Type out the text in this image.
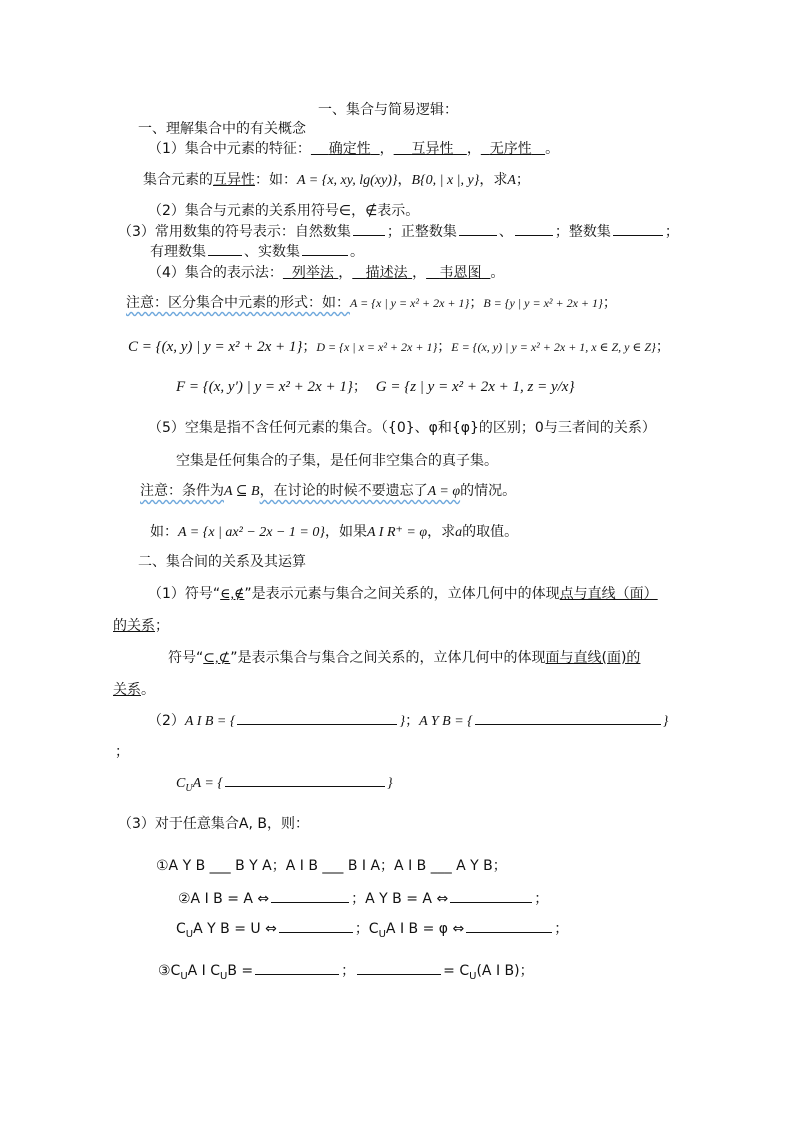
一、集合与简易逻辑：
一、理解集合中的有关概念
（1）集合中元素的特征： 确定性 ， 互异性 ， 无序性 。
集合元素的互异性：如：A = {x, xy, lg(xy)}，B{0, | x |, y}，求A；
（2）集合与元素的关系用符号∈，∉表示。
（3）常用数集的符号表示：自然数集	；正整数集	、	；整数集	；
有理数集	、实数集	。
（4）集合的表示法： 列举法 ， 描述法 ， 韦恩图 。
注意：区分集合中元素的形式：如：A = {x | y = x² + 2x + 1}；B = {y | y = x² + 2x + 1}；
C = {(x, y) | y = x² + 2x + 1}；D = {x | x = x² + 2x + 1}；E = {(x, y) | y = x² + 2x + 1, x ∈ Z, y ∈ Z}；
F = {(x, y′) | y = x² + 2x + 1}；  G = {z | y = x² + 2x + 1, z = y/x}
（5）空集是指不含任何元素的集合。（{0}、φ和{φ}的区别；0与三者间的关系）
空集是任何集合的子集，是任何非空集合的真子集。
注意：条件为A ⊆ B，在讨论的时候不要遗忘了A = φ的情况。
如：A = {x | ax² − 2x − 1 = 0}，如果A I R⁺ = φ，求a的取值。
二、集合间的关系及其运算
（1）符号“∈,∉”是表示元素与集合之间关系的，立体几何中的体现点与直线（面）
的关系；
符号“⊂,⊄”是表示集合与集合之间关系的，立体几何中的体现面与直线(面)的
关系。
（2）A I B = {	}；A Y B = {	}
；
$C_UA$ = {	}
（3）对于任意集合A, B，则：
①A Y B ___ B Y A；A I B ___ B I A；A I B ___ A Y B；
②A I B = A ⇔	；A Y B = A ⇔	；
$C_UA$ Y B = U ⇔	；$C_UA$ I B = φ ⇔	；
$③C_UA$ I $C_UB$ =	；	= $C_U(A$ I B)；
